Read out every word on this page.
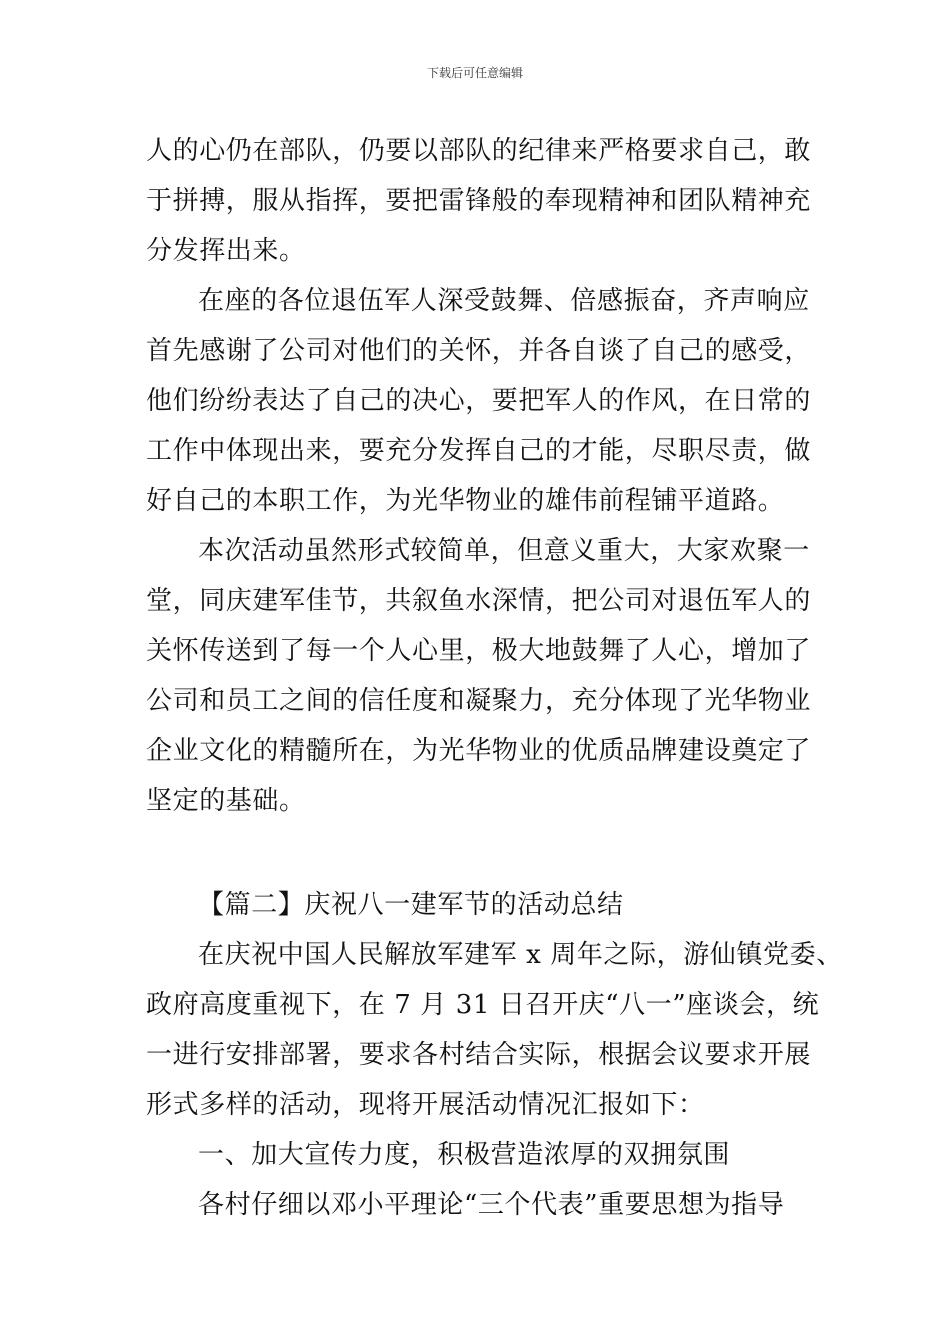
下载后可任意编辑
人的心仍在部队，仍要以部队的纪律来严格要求自己，敢
于拼搏，服从指挥，要把雷锋般的奉现精神和团队精神充
分发挥出来。
在座的各位退伍军人深受鼓舞、倍感振奋，齐声响应
首先感谢了公司对他们的关怀，并各自谈了自己的感受，
他们纷纷表达了自己的决心，要把军人的作风，在日常的
工作中体现出来，要充分发挥自己的才能，尽职尽责，做
好自己的本职工作，为光华物业的雄伟前程铺平道路。
本次活动虽然形式较简单，但意义重大，大家欢聚一
堂，同庆建军佳节，共叙鱼水深情，把公司对退伍军人的
关怀传送到了每一个人心里，极大地鼓舞了人心，增加了
公司和员工之间的信任度和凝聚力，充分体现了光华物业
企业文化的精髓所在，为光华物业的优质品牌建设奠定了
坚定的基础。
【篇二】庆祝八一建军节的活动总结
在庆祝中国人民解放军建军 x 周年之际，游仙镇党委、
政府高度重视下，在 7 月 31 日召开庆“八一”座谈会，统
一进行安排部署，要求各村结合实际，根据会议要求开展
形式多样的活动，现将开展活动情况汇报如下：
一、加大宣传力度，积极营造浓厚的双拥氛围
各村仔细以邓小平理论“三个代表”重要思想为指导
